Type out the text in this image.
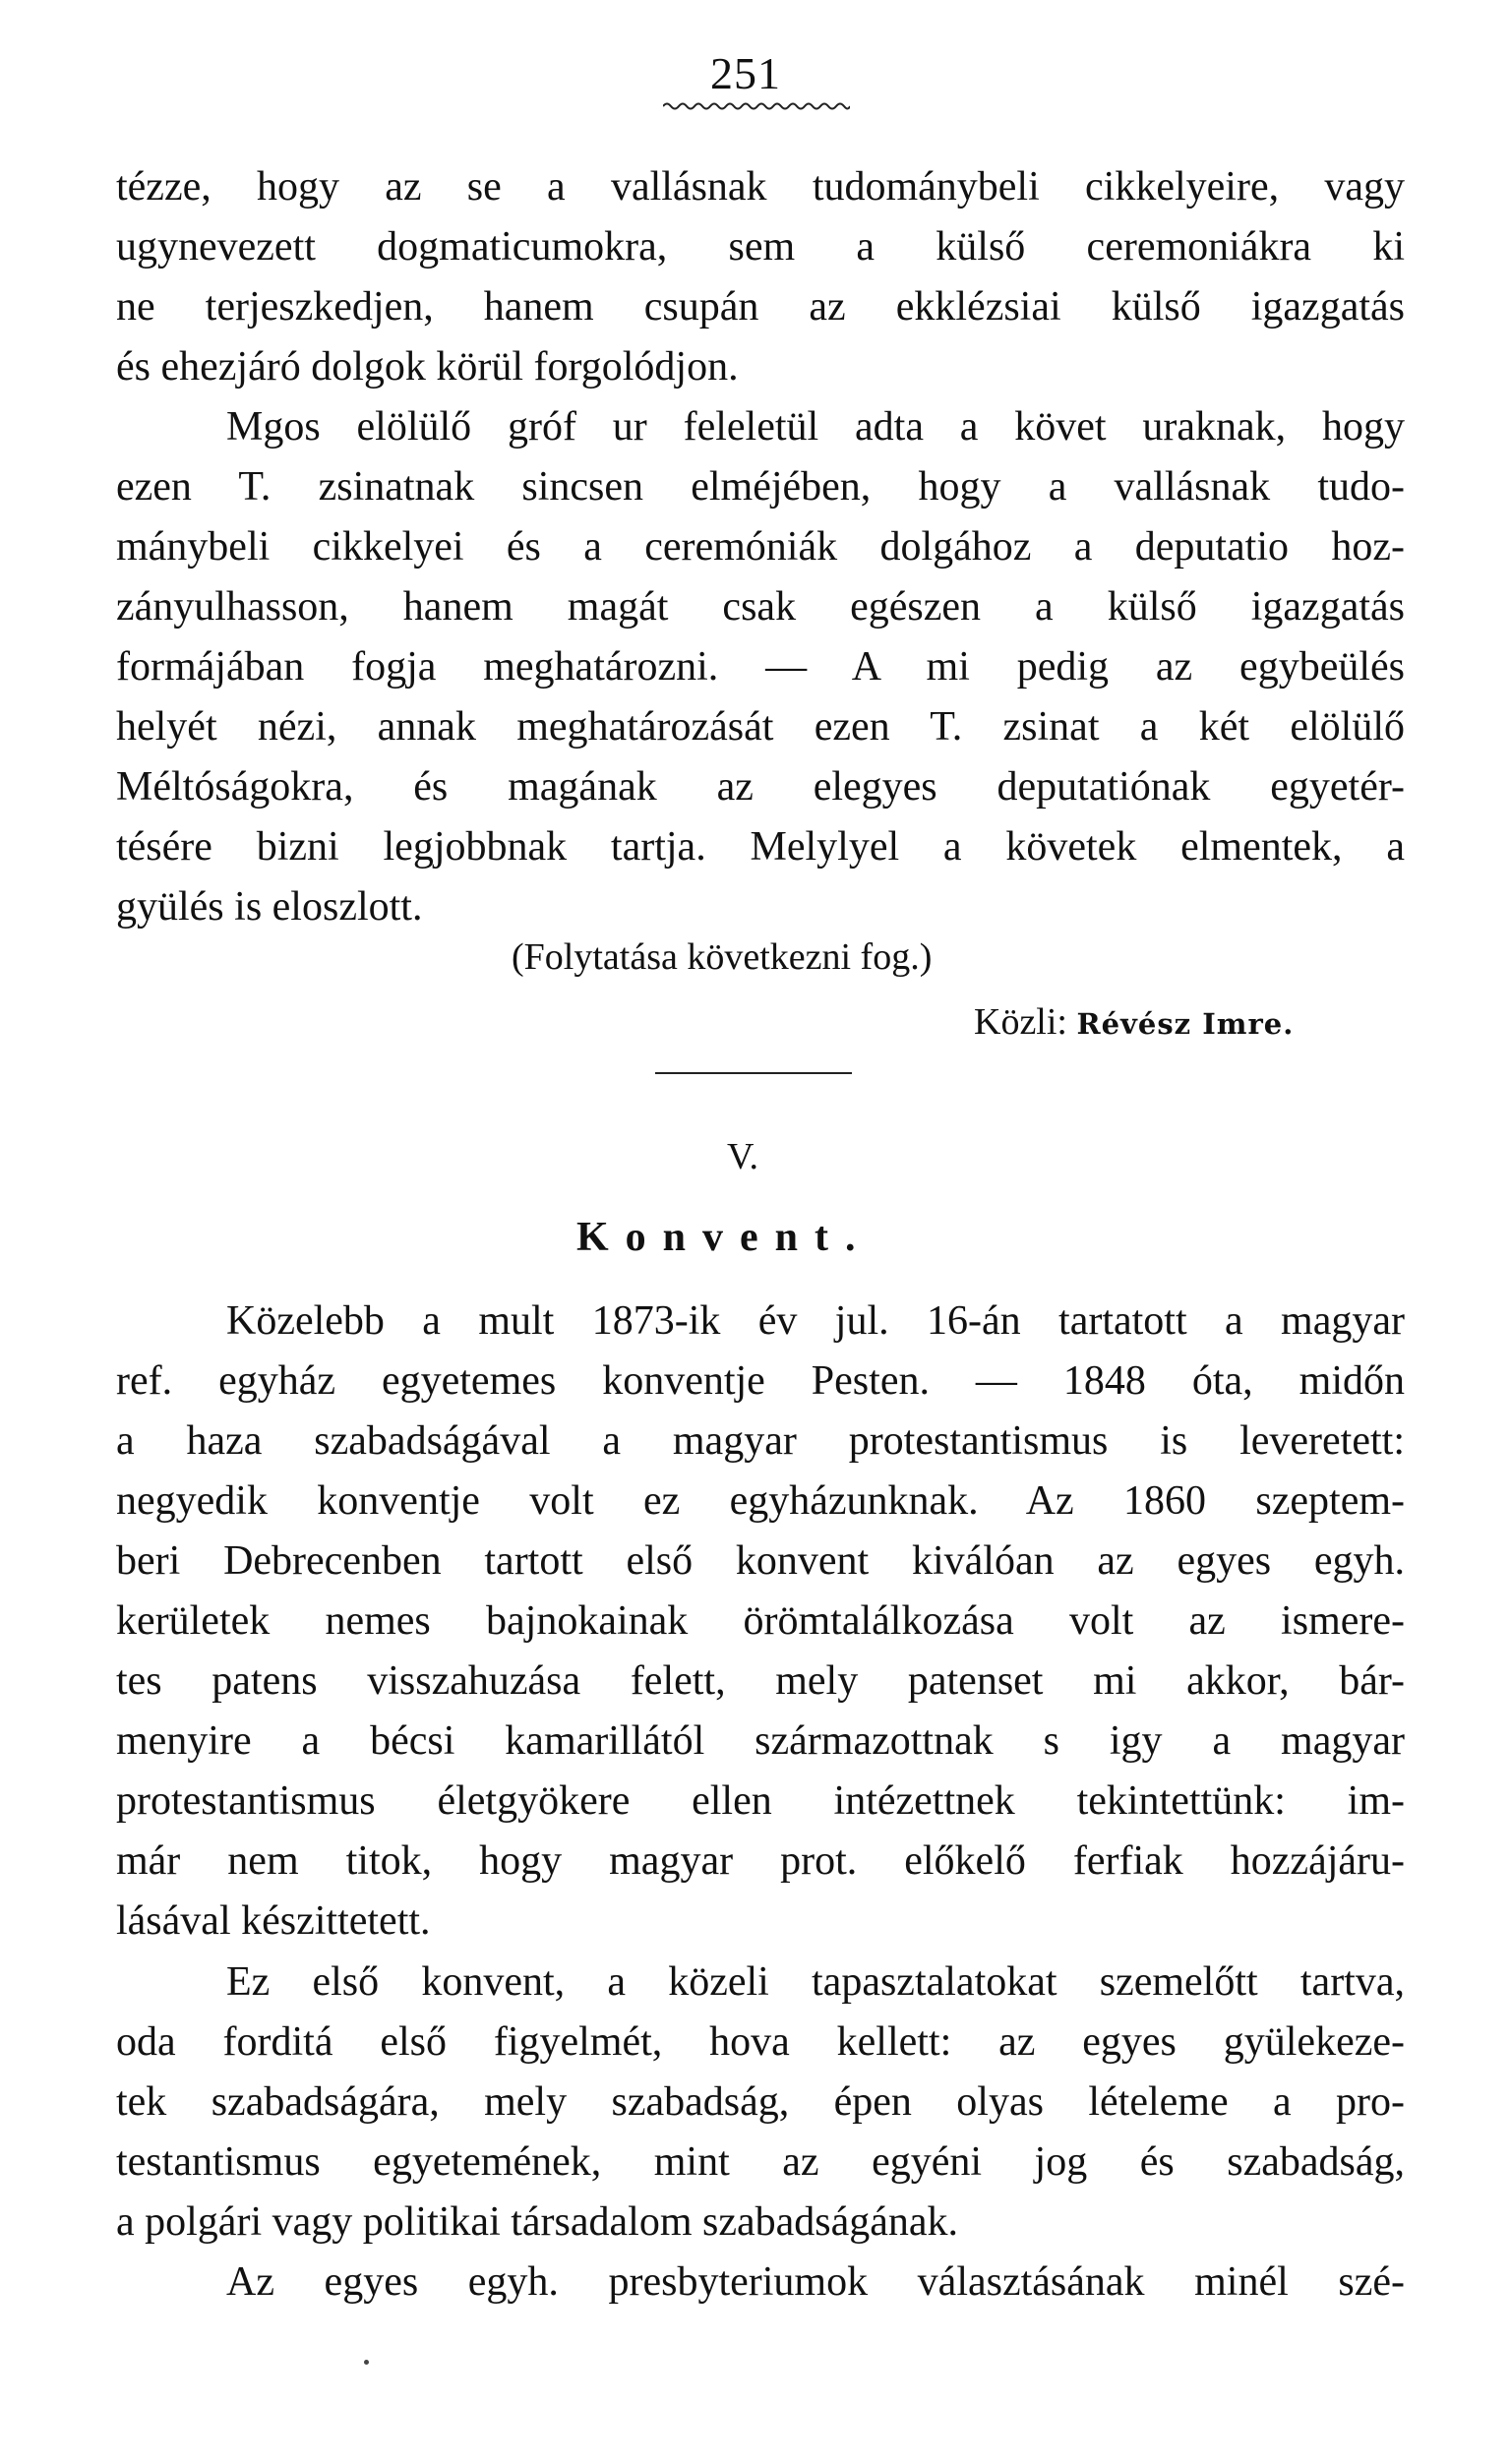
251
tézze, hogy az se a vallásnak tudománybeli cikkelyeire, vagy
ugynevezett dogmaticumokra, sem a külső ceremoniákra ki
ne terjeszkedjen, hanem csupán az ekklézsiai külső igazgatás
és ehezjáró dolgok körül forgolódjon.
Mgos elölülő gróf ur feleletül adta a követ uraknak, hogy
ezen T. zsinatnak sincsen elméjében, hogy a vallásnak tudo-
mánybeli cikkelyei és a ceremóniák dolgához a deputatio hoz-
zányulhasson, hanem magát csak egészen a külső igazgatás
formájában fogja meghatározni. — A mi pedig az egybeülés
helyét nézi, annak meghatározását ezen T. zsinat a két elölülő
Méltóságokra, és magának az elegyes deputatiónak egyetér-
tésére bizni legjobbnak tartja. Melylyel a követek elmentek, a
gyülés is eloszlott.
(Folytatása következni fog.)
Közli: Révész Imre.
V.
Konvent.
Közelebb a mult 1873-ik év jul. 16-án tartatott a magyar
ref. egyház egyetemes konventje Pesten. — 1848 óta, midőn
a haza szabadságával a magyar protestantismus is leveretett:
negyedik konventje volt ez egyházunknak. Az 1860 szeptem-
beri Debrecenben tartott első konvent kiválóan az egyes egyh.
kerületek nemes bajnokainak örömtalálkozása volt az ismere-
tes patens visszahuzása felett, mely patenset mi akkor, bár-
menyire a bécsi kamarillától származottnak s igy a magyar
protestantismus életgyökere ellen intézettnek tekintettünk: im-
már nem titok, hogy magyar prot. előkelő ferfiak hozzájáru-
lásával készittetett.
Ez első konvent, a közeli tapasztalatokat szemelőtt tartva,
oda forditá első figyelmét, hova kellett: az egyes gyülekeze-
tek szabadságára, mely szabadság, épen olyas lételeme a pro-
testantismus egyetemének, mint az egyéni jog és szabadság,
a polgári vagy politikai társadalom szabadságának.
Az egyes egyh. presbyteriumok választásának minél szé-
